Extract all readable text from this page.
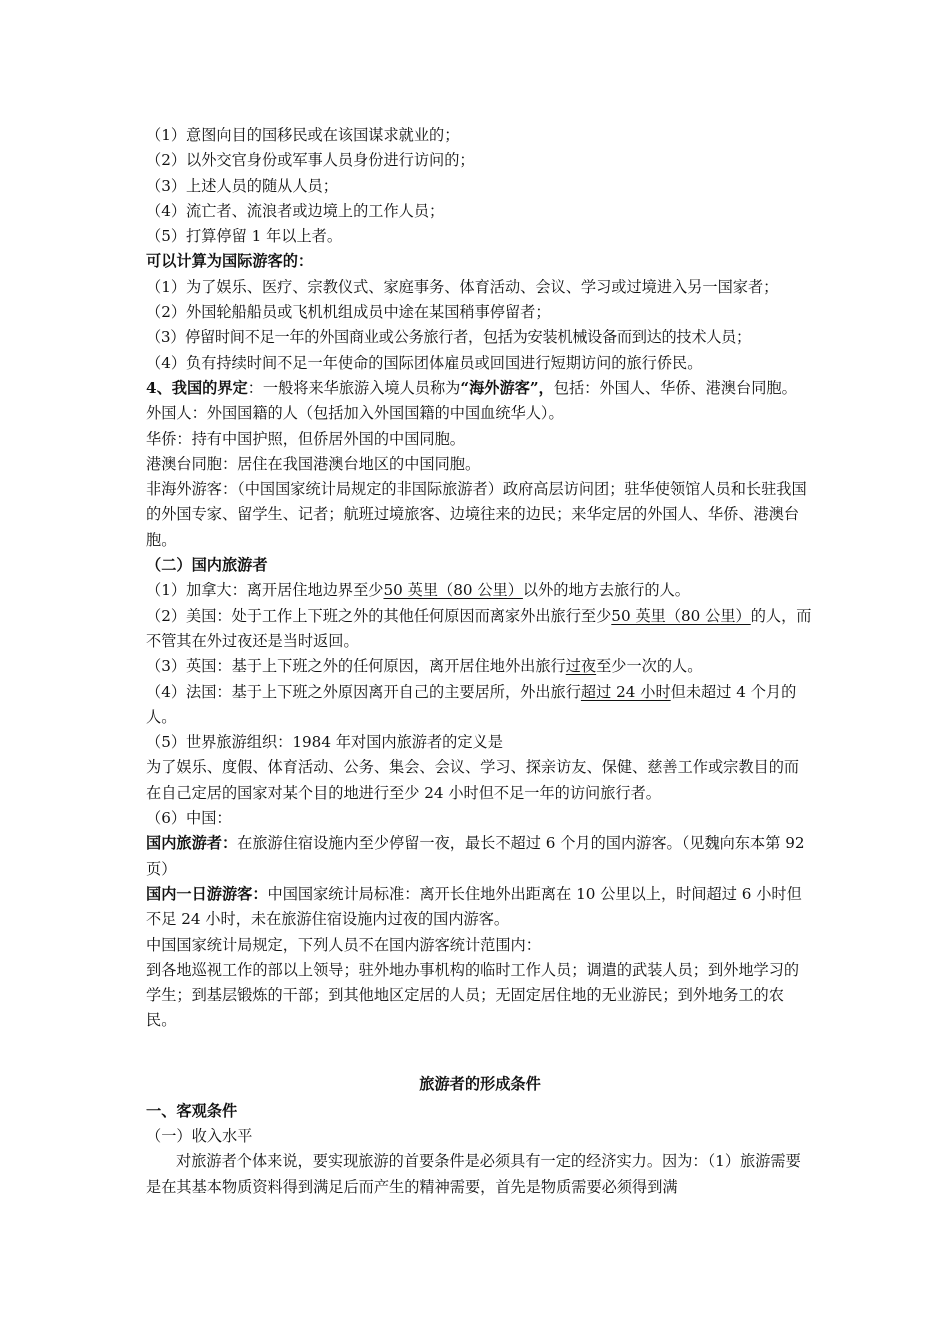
（1）意图向目的国移民或在该国谋求就业的；
（2）以外交官身份或军事人员身份进行访问的；
（3）上述人员的随从人员；
（4）流亡者、流浪者或边境上的工作人员；
（5）打算停留 1 年以上者。
可以计算为国际游客的：
（1）为了娱乐、医疗、宗教仪式、家庭事务、体育活动、会议、学习或过境进入另一国家者；
（2）外国轮船船员或飞机机组成员中途在某国稍事停留者；
（3）停留时间不足一年的外国商业或公务旅行者，包括为安装机械设备而到达的技术人员；
（4）负有持续时间不足一年使命的国际团体雇员或回国进行短期访问的旅行侨民。
4、我国的界定：一般将来华旅游入境人员称为“海外游客”，包括：外国人、华侨、港澳台同胞。
外国人：外国国籍的人（包括加入外国国籍的中国血统华人）。
华侨：持有中国护照，但侨居外国的中国同胞。
港澳台同胞：居住在我国港澳台地区的中国同胞。
非海外游客：（中国国家统计局规定的非国际旅游者）政府高层访问团；驻华使领馆人员和长驻我国的外国专家、留学生、记者；航班过境旅客、边境往来的边民；来华定居的外国人、华侨、港澳台胞。
（二）国内旅游者
（1）加拿大：离开居住地边界至少50 英里（80 公里）以外的地方去旅行的人。
（2）美国：处于工作上下班之外的其他任何原因而离家外出旅行至少50 英里（80 公里）的人，而不管其在外过夜还是当时返回。
（3）英国：基于上下班之外的任何原因，离开居住地外出旅行过夜至少一次的人。
（4）法国：基于上下班之外原因离开自己的主要居所，外出旅行超过 24 小时但未超过 4 个月的人。
（5）世界旅游组织：1984 年对国内旅游者的定义是
为了娱乐、度假、体育活动、公务、集会、会议、学习、探亲访友、保健、慈善工作或宗教目的而在自己定居的国家对某个目的地进行至少 24 小时但不足一年的访问旅行者。
（6）中国：
国内旅游者：在旅游住宿设施内至少停留一夜，最长不超过 6 个月的国内游客。（见魏向东本第 92 页）
国内一日游游客：中国国家统计局标准：离开长住地外出距离在 10 公里以上，时间超过 6 小时但不足 24 小时，未在旅游住宿设施内过夜的国内游客。
中国国家统计局规定，下列人员不在国内游客统计范围内：
到各地巡视工作的部以上领导；驻外地办事机构的临时工作人员；调遣的武装人员；到外地学习的学生；到基层锻炼的干部；到其他地区定居的人员；无固定居住地的无业游民；到外地务工的农民。
旅游者的形成条件
一、客观条件
（一）收入水平
对旅游者个体来说，要实现旅游的首要条件是必须具有一定的经济实力。因为：（1）旅游需要是在其基本物质资料得到满足后而产生的精神需要，首先是物质需要必须得到满
